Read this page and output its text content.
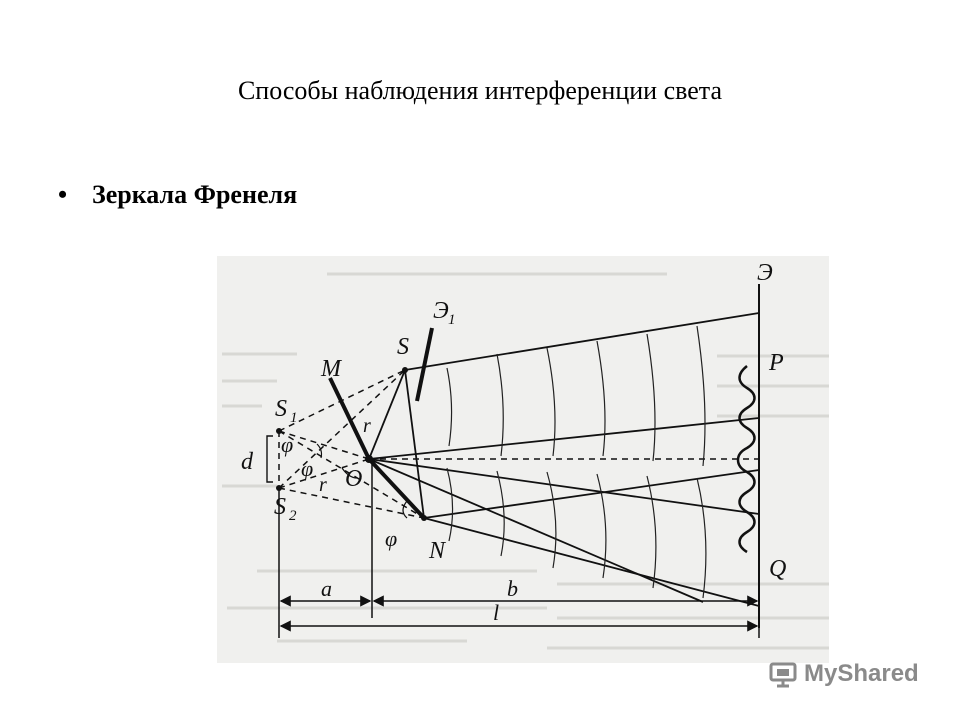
Способы наблюдения интерференции света
• Зеркала Френеля
Э 1
Э
S
M
S 1
S 2
φ
φ
φ
d
r
r O
N
P
Q
a	b
l
MyShared
